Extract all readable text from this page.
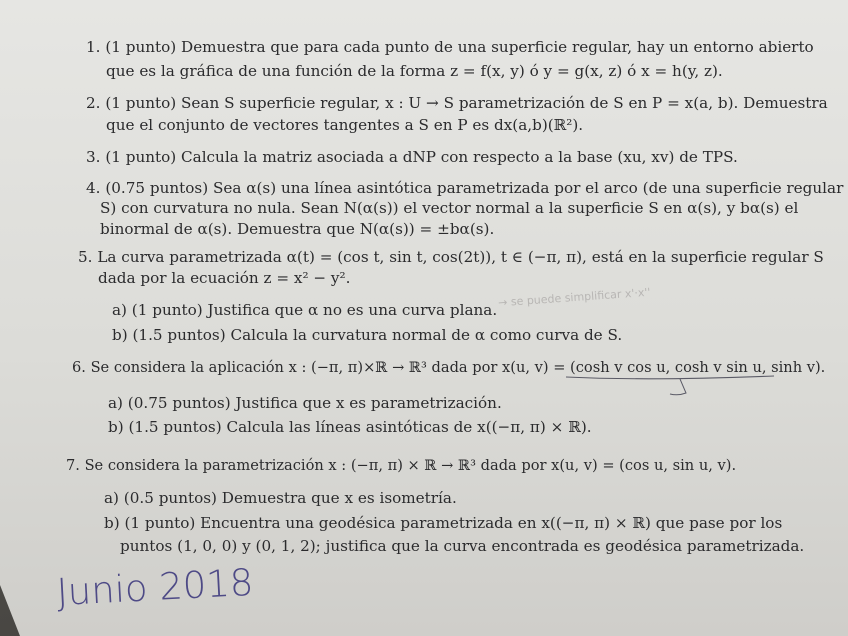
1. (1 punto) Demuestra que para cada punto de una superficie regular, hay un entorno abierto
que es la gráfica de una función de la forma z = f(x, y) ó y = g(x, z) ó x = h(y, z).
2. (1 punto) Sean S superficie regular, x : U → S parametrización de S en P = x(a, b). Demuestra
que el conjunto de vectores tangentes a S en P es dx(a,b)(ℝ²).
3. (1 punto) Calcula la matriz asociada a dNP con respecto a la base (xu, xv) de TPS.
4. (0.75 puntos) Sea α(s) una línea asintótica parametrizada por el arco (de una superficie regular
S) con curvatura no nula. Sean N(α(s)) el vector normal a la superficie S en α(s), y bα(s) el
binormal de α(s). Demuestra que N(α(s)) = ±bα(s).
5. La curva parametrizada α(t) = (cos t, sin t, cos(2t)), t ∈ (−π, π), está en la superficie regular S
dada por la ecuación z = x² − y².
a) (1 punto) Justifica que α no es una curva plana.
→ se puede simplificar x'·x''
b) (1.5 puntos) Calcula la curvatura normal de α como curva de S.
6. Se considera la aplicación x : (−π, π)×ℝ → ℝ³ dada por x(u, v) = (cosh v cos u, cosh v sin u, sinh v).
a) (0.75 puntos) Justifica que x es parametrización.
b) (1.5 puntos) Calcula las líneas asintóticas de x((−π, π) × ℝ).
7. Se considera la parametrización x : (−π, π) × ℝ → ℝ³ dada por x(u, v) = (cos u, sin u, v).
a) (0.5 puntos) Demuestra que x es isometría.
b) (1 punto) Encuentra una geodésica parametrizada en x((−π, π) × ℝ) que pase por los
puntos (1, 0, 0) y (0, 1, 2); justifica que la curva encontrada es geodésica parametrizada.
Junio 2018
